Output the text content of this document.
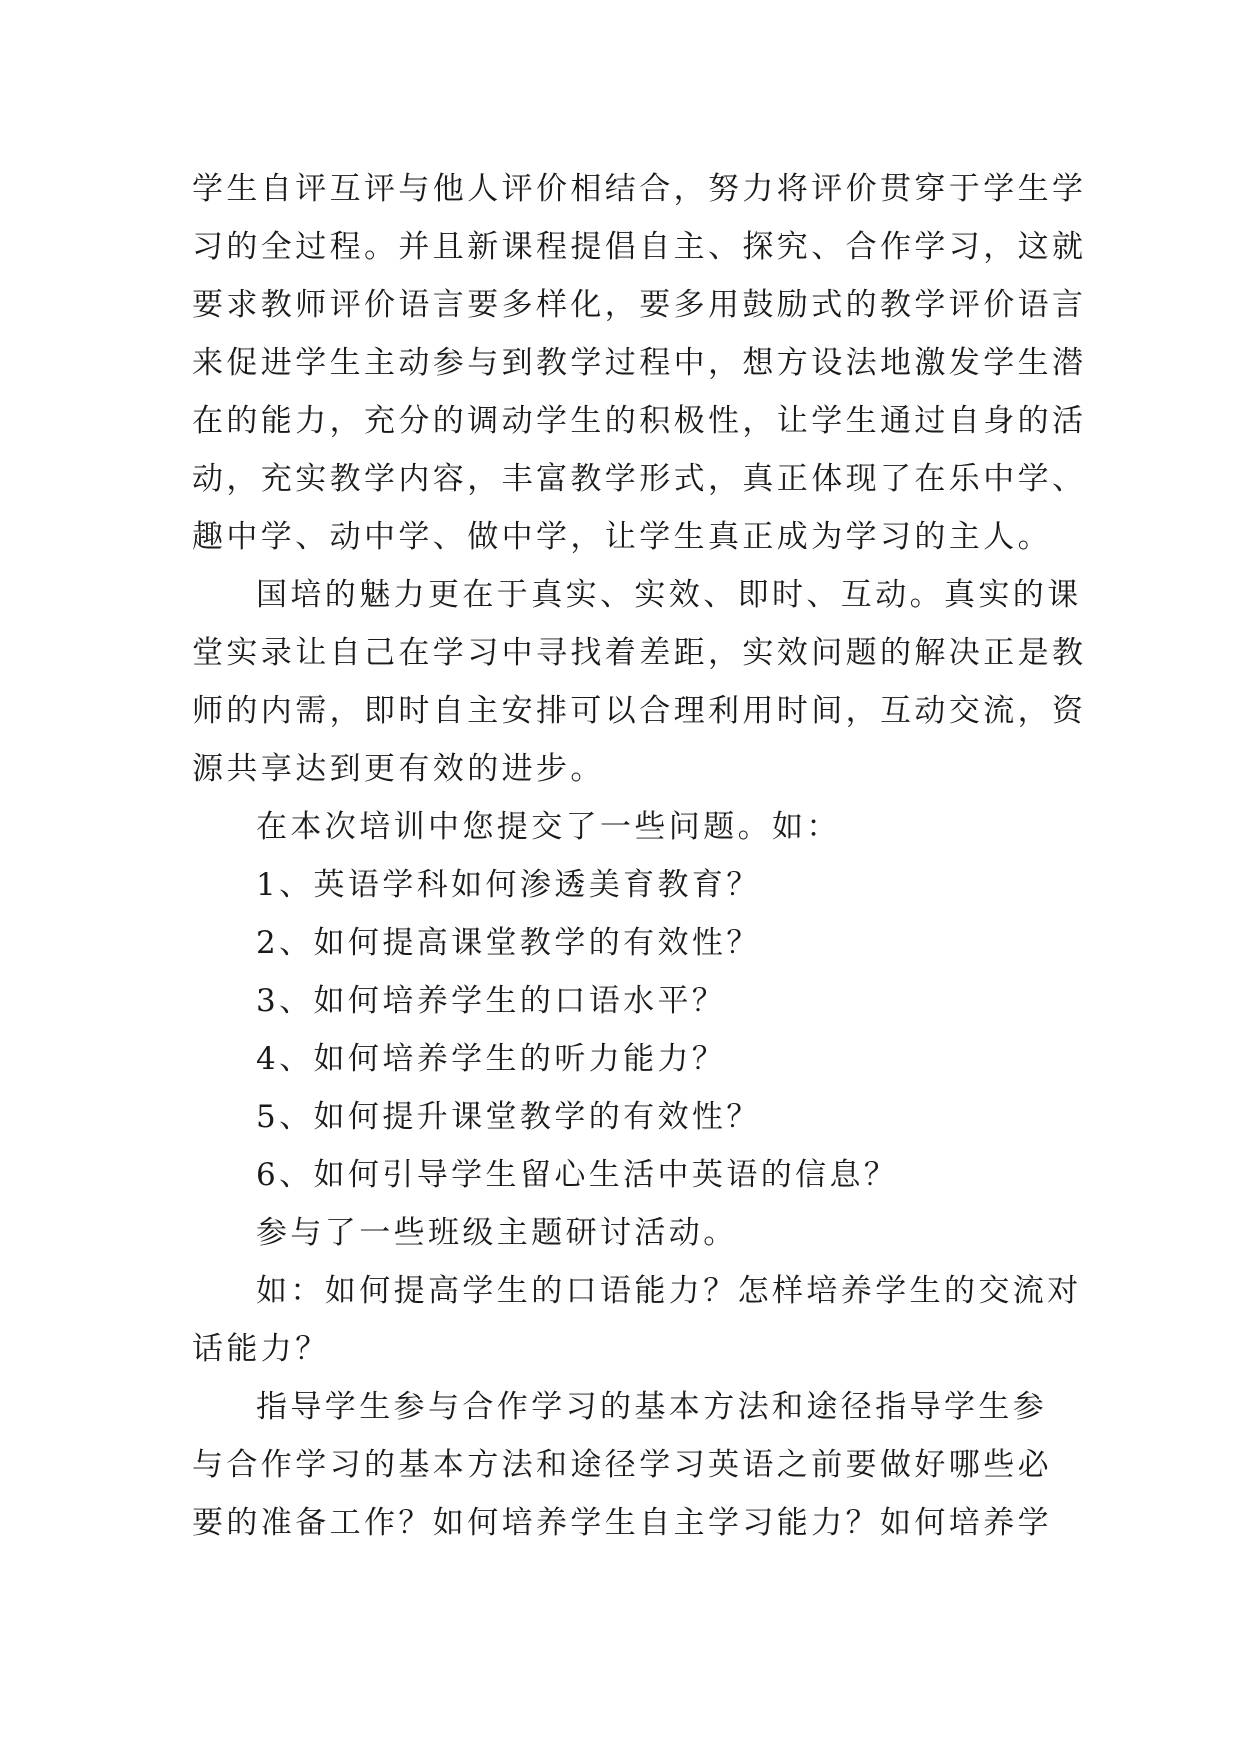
学生自评互评与他人评价相结合，努力将评价贯穿于学生学
习的全过程。并且新课程提倡自主、探究、合作学习，这就
要求教师评价语言要多样化，要多用鼓励式的教学评价语言
来促进学生主动参与到教学过程中，想方设法地激发学生潜
在的能力，充分的调动学生的积极性，让学生通过自身的活
动，充实教学内容，丰富教学形式，真正体现了在乐中学、
趣中学、动中学、做中学，让学生真正成为学习的主人。
国培的魅力更在于真实、实效、即时、互动。真实的课
堂实录让自己在学习中寻找着差距，实效问题的解决正是教
师的内需，即时自主安排可以合理利用时间，互动交流，资
源共享达到更有效的进步。
在本次培训中您提交了一些问题。如：
1、英语学科如何渗透美育教育？
2、如何提高课堂教学的有效性？
3、如何培养学生的口语水平？
4、如何培养学生的听力能力？
5、如何提升课堂教学的有效性？
6、如何引导学生留心生活中英语的信息？
参与了一些班级主题研讨活动。
如：如何提高学生的口语能力？怎样培养学生的交流对
话能力？
指导学生参与合作学习的基本方法和途径指导学生参
与合作学习的基本方法和途径学习英语之前要做好哪些必
要的准备工作？如何培养学生自主学习能力？如何培养学
